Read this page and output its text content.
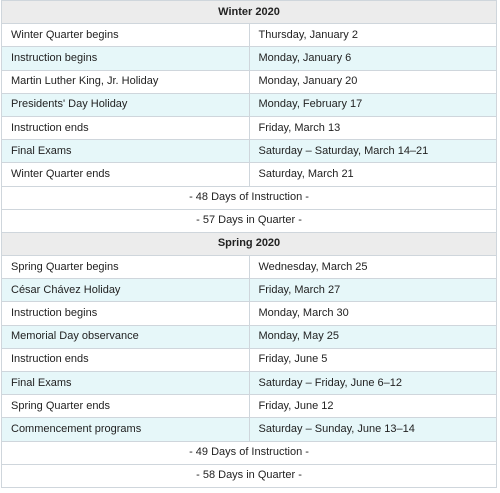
Winter 2020	
Winter Quarter begins	Thursday, January 2
Instruction begins	Monday, January 6
Martin Luther King, Jr. Holiday	Monday, January 20
Presidents' Day Holiday	Monday, February 17
Instruction ends	Friday, March 13
Final Exams	Saturday – Saturday, March 14–21
Winter Quarter ends	Saturday, March 21
- 48 Days of Instruction -	
- 57 Days in Quarter -	
Spring 2020	
Spring Quarter begins	Wednesday, March 25
César Chávez Holiday	Friday, March 27
Instruction begins	Monday, March 30
Memorial Day observance	Monday, May 25
Instruction ends	Friday, June 5
Final Exams	Saturday – Friday, June 6–12
Spring Quarter ends	Friday, June 12
Commencement programs	Saturday – Sunday, June 13–14
- 49 Days of Instruction -	
- 58 Days in Quarter -	
